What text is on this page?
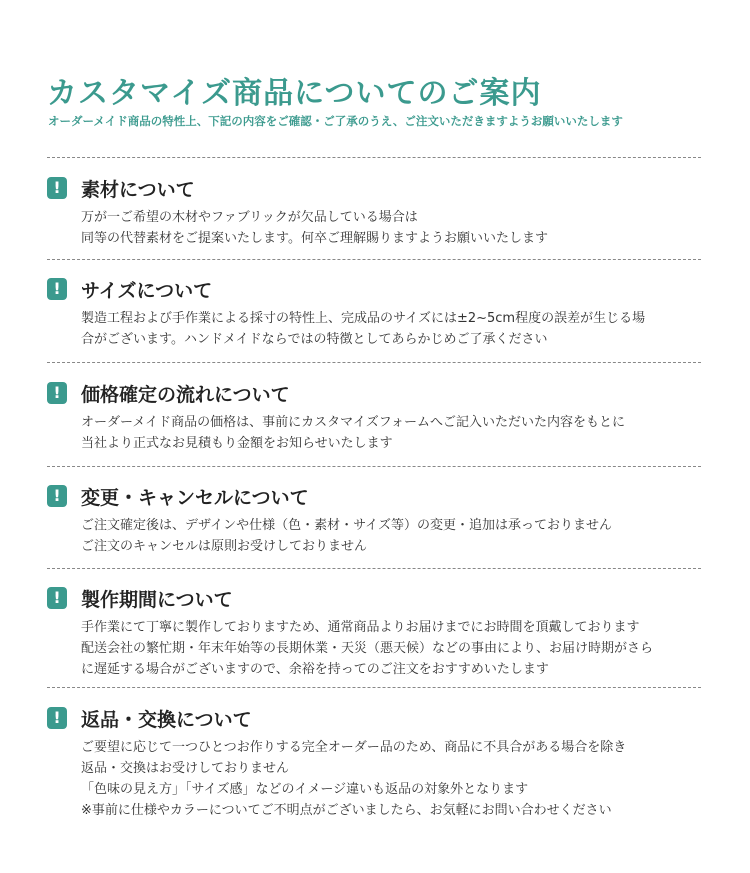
カスタマイズ商品についてのご案内

オーダーメイド商品の特性上、下記の内容をご確認・ご了承のうえ、ご注文いただきますようお願いいたします

!	素材について

万が一ご希望の木材やファブリックが欠品している場合は

同等の代替素材をご提案いたします。何卒ご理解賜りますようお願いいたします

!	サイズについて

製造工程および手作業による採寸の特性上、完成品のサイズには±2~5cm程度の誤差が生じる場

合がございます。ハンドメイドならではの特徴としてあらかじめご了承ください

!	価格確定の流れについて

オーダーメイド商品の価格は、事前にカスタマイズフォームへご記入いただいた内容をもとに

当社より正式なお見積もり金額をお知らせいたします

!	変更・キャンセルについて

ご注文確定後は、デザインや仕様（色・素材・サイズ等）の変更・追加は承っておりません

ご注文のキャンセルは原則お受けしておりません

!	製作期間について

手作業にて丁寧に製作しておりますため、通常商品よりお届けまでにお時間を頂戴しております

配送会社の繁忙期・年末年始等の長期休業・天災（悪天候）などの事由により、お届け時期がさら

に遅延する場合がございますので、余裕を持ってのご注文をおすすめいたします

!	返品・交換について

ご要望に応じて一つひとつお作りする完全オーダー品のため、商品に不具合がある場合を除き

返品・交換はお受けしておりません

「色味の見え方」「サイズ感」などのイメージ違いも返品の対象外となります

※事前に仕様やカラーについてご不明点がございましたら、お気軽にお問い合わせください
